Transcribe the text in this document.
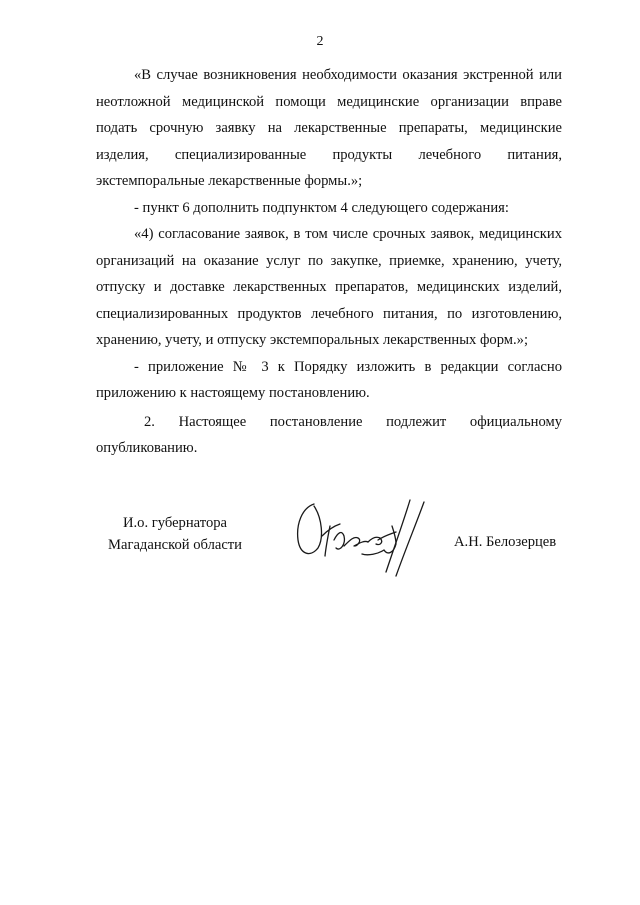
2

«В случае возникновения необходимости оказания экстренной или неотложной медицинской помощи медицинские организации вправе подать срочную заявку на лекарственные препараты, медицинские изделия, специализированные продукты лечебного питания, экстемпоральные лекарственные формы.»;

- пункт 6 дополнить подпунктом 4 следующего содержания:

«4) согласование заявок, в том числе срочных заявок, медицинских организаций на оказание услуг по закупке, приемке, хранению, учету, отпуску и доставке лекарственных препаратов, медицинских изделий, специализированных продуктов лечебного питания, по изготовлению, хранению, учету, и отпуску экстемпоральных лекарственных форм.»;

- приложение № 3 к Порядку изложить в редакции согласно приложению к настоящему постановлению.

2. Настоящее постановление подлежит официальному опубликованию.

И.о. губернатора
Магаданской области	А.Н. Белозерцев
